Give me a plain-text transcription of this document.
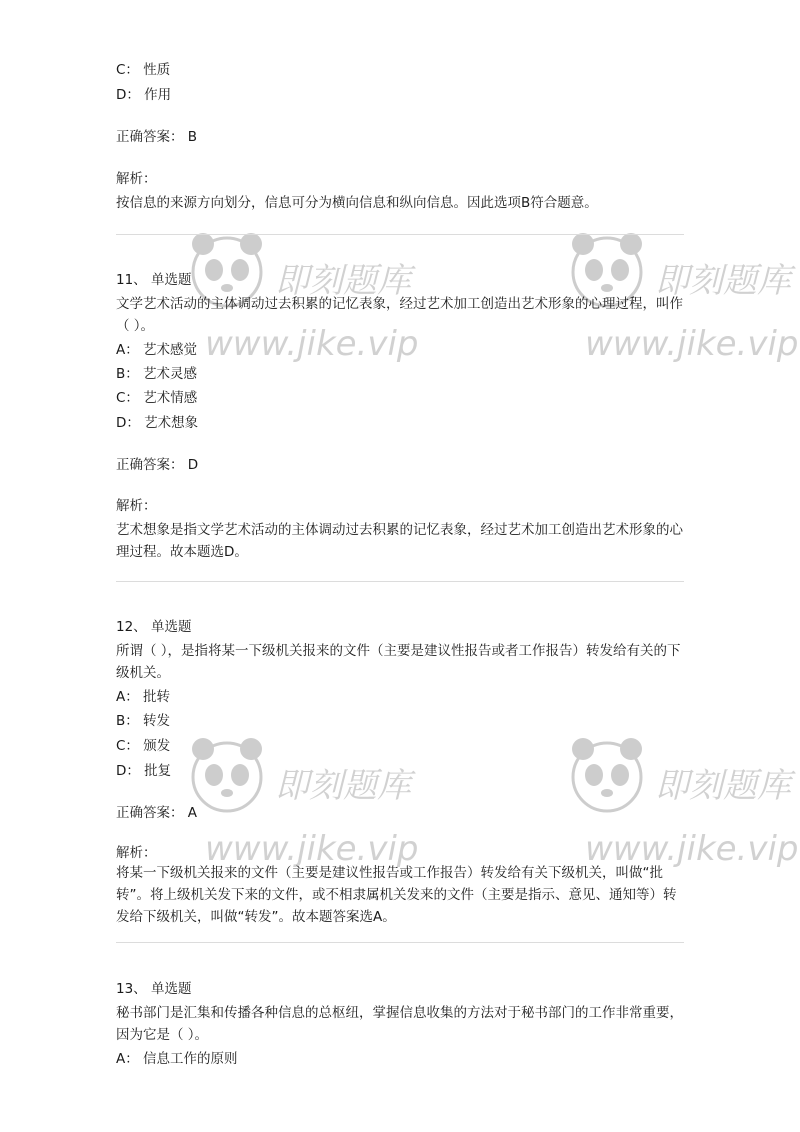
即刻题库
www.jike.vip
即刻题库
www.jike.vip
即刻题库
www.jike.vip
即刻题库
www.jike.vip
C： 性质
D： 作用
正确答案： B
解析：
按信息的来源方向划分，信息可分为横向信息和纵向信息。因此选项B符合题意。
11、 单选题
文学艺术活动的主体调动过去积累的记忆表象，经过艺术加工创造出艺术形象的心理过程，叫作（ ）。
A： 艺术感觉
B： 艺术灵感
C： 艺术情感
D： 艺术想象
正确答案： D
解析：
艺术想象是指文学艺术活动的主体调动过去积累的记忆表象，经过艺术加工创造出艺术形象的心理过程。故本题选D。
12、 单选题
所谓（ ），是指将某一下级机关报来的文件（主要是建议性报告或者工作报告）转发给有关的下级机关。
A： 批转
B： 转发
C： 颁发
D： 批复
正确答案： A
解析：
将某一下级机关报来的文件（主要是建议性报告或工作报告）转发给有关下级机关，叫做“批转”。将上级机关发下来的文件，或不相隶属机关发来的文件（主要是指示、意见、通知等）转发给下级机关，叫做“转发”。故本题答案选A。
13、 单选题
秘书部门是汇集和传播各种信息的总枢纽，掌握信息收集的方法对于秘书部门的工作非常重要，因为它是（ ）。
A： 信息工作的原则
